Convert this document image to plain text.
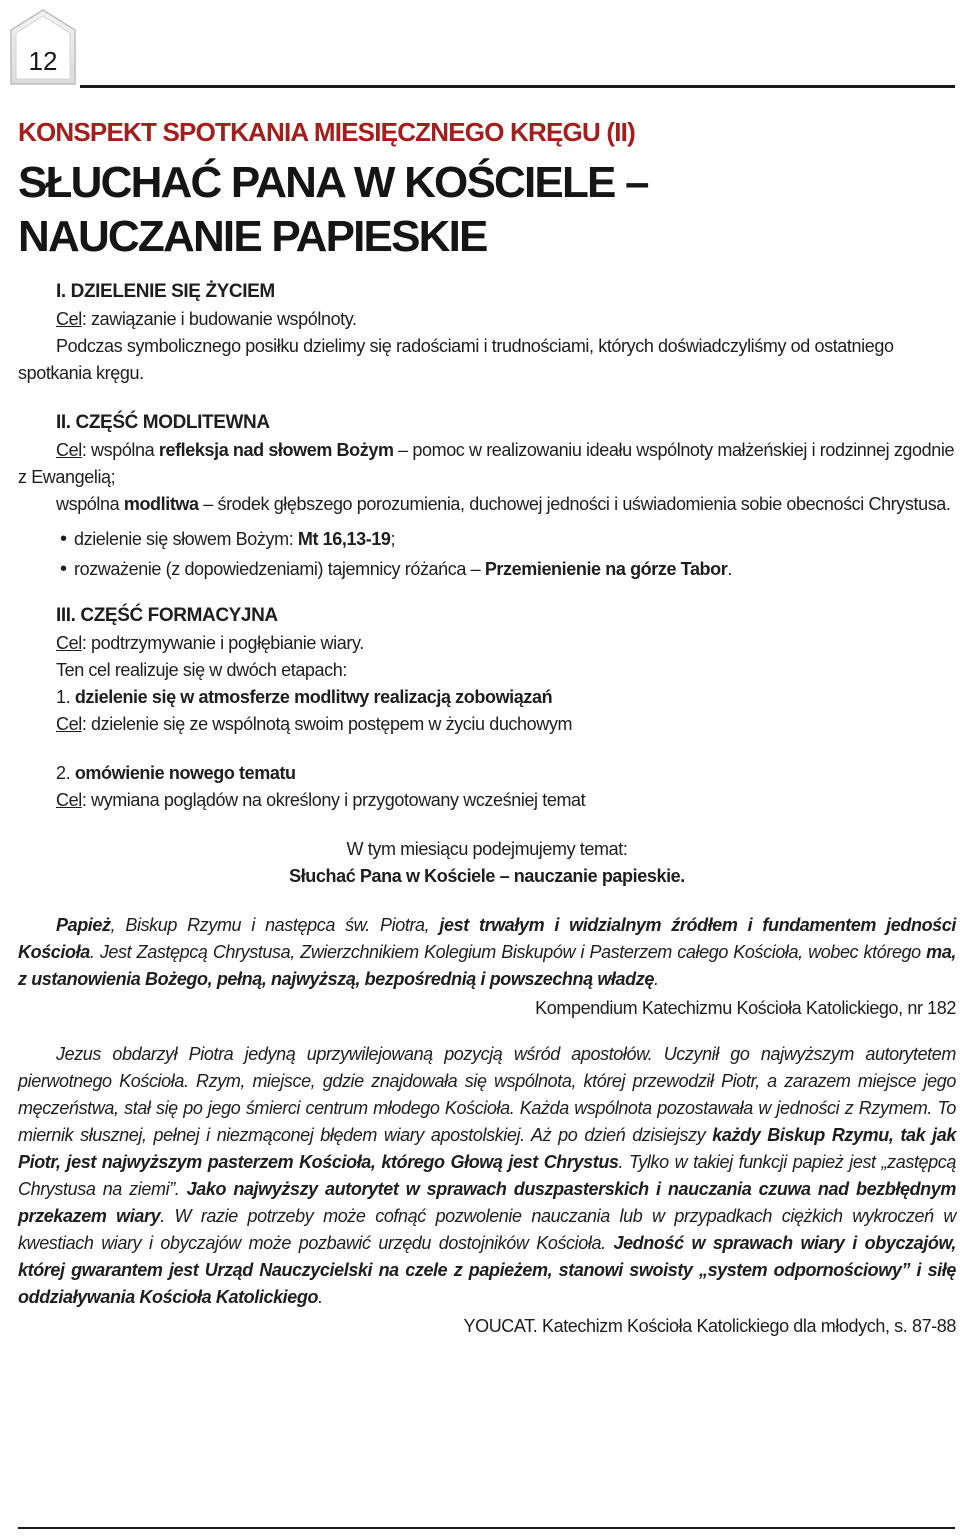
12

KONSPEKT SPOTKANIA MIESIĘCZNEGO KRĘGU (II)

SŁUCHAĆ PANA W KOŚCIELE –
NAUCZANIE PAPIESKIE

I. DZIELENIE SIĘ ŻYCIEM

Cel: zawiązanie i budowanie wspólnoty.

Podczas symbolicznego posiłku dzielimy się radościami i trudnościami, których doświadczyliśmy od ostatniego spotkania kręgu.

II. CZĘŚĆ MODLITEWNA

Cel: wspólna refleksja nad słowem Bożym – pomoc w realizowaniu ideału wspólnoty małżeńskiej i rodzinnej zgodnie z Ewangelią;

wspólna modlitwa – środek głębszego porozumienia, duchowej jedności i uświadomienia sobie obecności Chrystusa.

• dzielenie się słowem Bożym: Mt 16,13-19;
• rozważenie (z dopowiedzeniami) tajemnicy różańca – Przemienienie na górze Tabor.

III. CZĘŚĆ FORMACYJNA

Cel: podtrzymywanie i pogłębianie wiary.

Ten cel realizuje się w dwóch etapach:

1. dzielenie się w atmosferze modlitwy realizacją zobowiązań

Cel: dzielenie się ze wspólnotą swoim postępem w życiu duchowym

2. omówienie nowego tematu

Cel: wymiana poglądów na określony i przygotowany wcześniej temat

W tym miesiącu podejmujemy temat:

Słuchać Pana w Kościele – nauczanie papieskie.

Papież, Biskup Rzymu i następca św. Piotra, jest trwałym i widzialnym źródłem i fundamentem jedności Kościoła. Jest Zastępcą Chrystusa, Zwierzchnikiem Kolegium Biskupów i Pasterzem całego Kościoła, wobec którego ma, z ustanowienia Bożego, pełną, najwyższą, bezpośrednią i powszechną władzę.

Kompendium Katechizmu Kościoła Katolickiego, nr 182

Jezus obdarzył Piotra jedyną uprzywilejowaną pozycją wśród apostołów. Uczynił go najwyższym autorytetem pierwotnego Kościoła. Rzym, miejsce, gdzie znajdowała się wspólnota, której przewodził Piotr, a zarazem miejsce jego męczeństwa, stał się po jego śmierci centrum młodego Kościoła. Każda wspólnota pozostawała w jedności z Rzymem. To miernik słusznej, pełnej i niezmąconej błędem wiary apostolskiej. Aż po dzień dzisiejszy każdy Biskup Rzymu, tak jak Piotr, jest najwyższym pasterzem Kościoła, którego Głową jest Chrystus. Tylko w takiej funkcji papież jest „zastępcą Chrystusa na ziemi”. Jako najwyższy autorytet w sprawach duszpasterskich i nauczania czuwa nad bezbłędnym przekazem wiary. W razie potrzeby może cofnąć pozwolenie nauczania lub w przypadkach ciężkich wykroczeń w kwestiach wiary i obyczajów może pozbawić urzędu dostojników Kościoła. Jedność w sprawach wiary i obyczajów, której gwarantem jest Urząd Nauczycielski na czele z papieżem, stanowi swoisty „system odpornościowy” i siłę oddziaływania Kościoła Katolickiego.

YOUCAT. Katechizm Kościoła Katolickiego dla młodych, s. 87-88
